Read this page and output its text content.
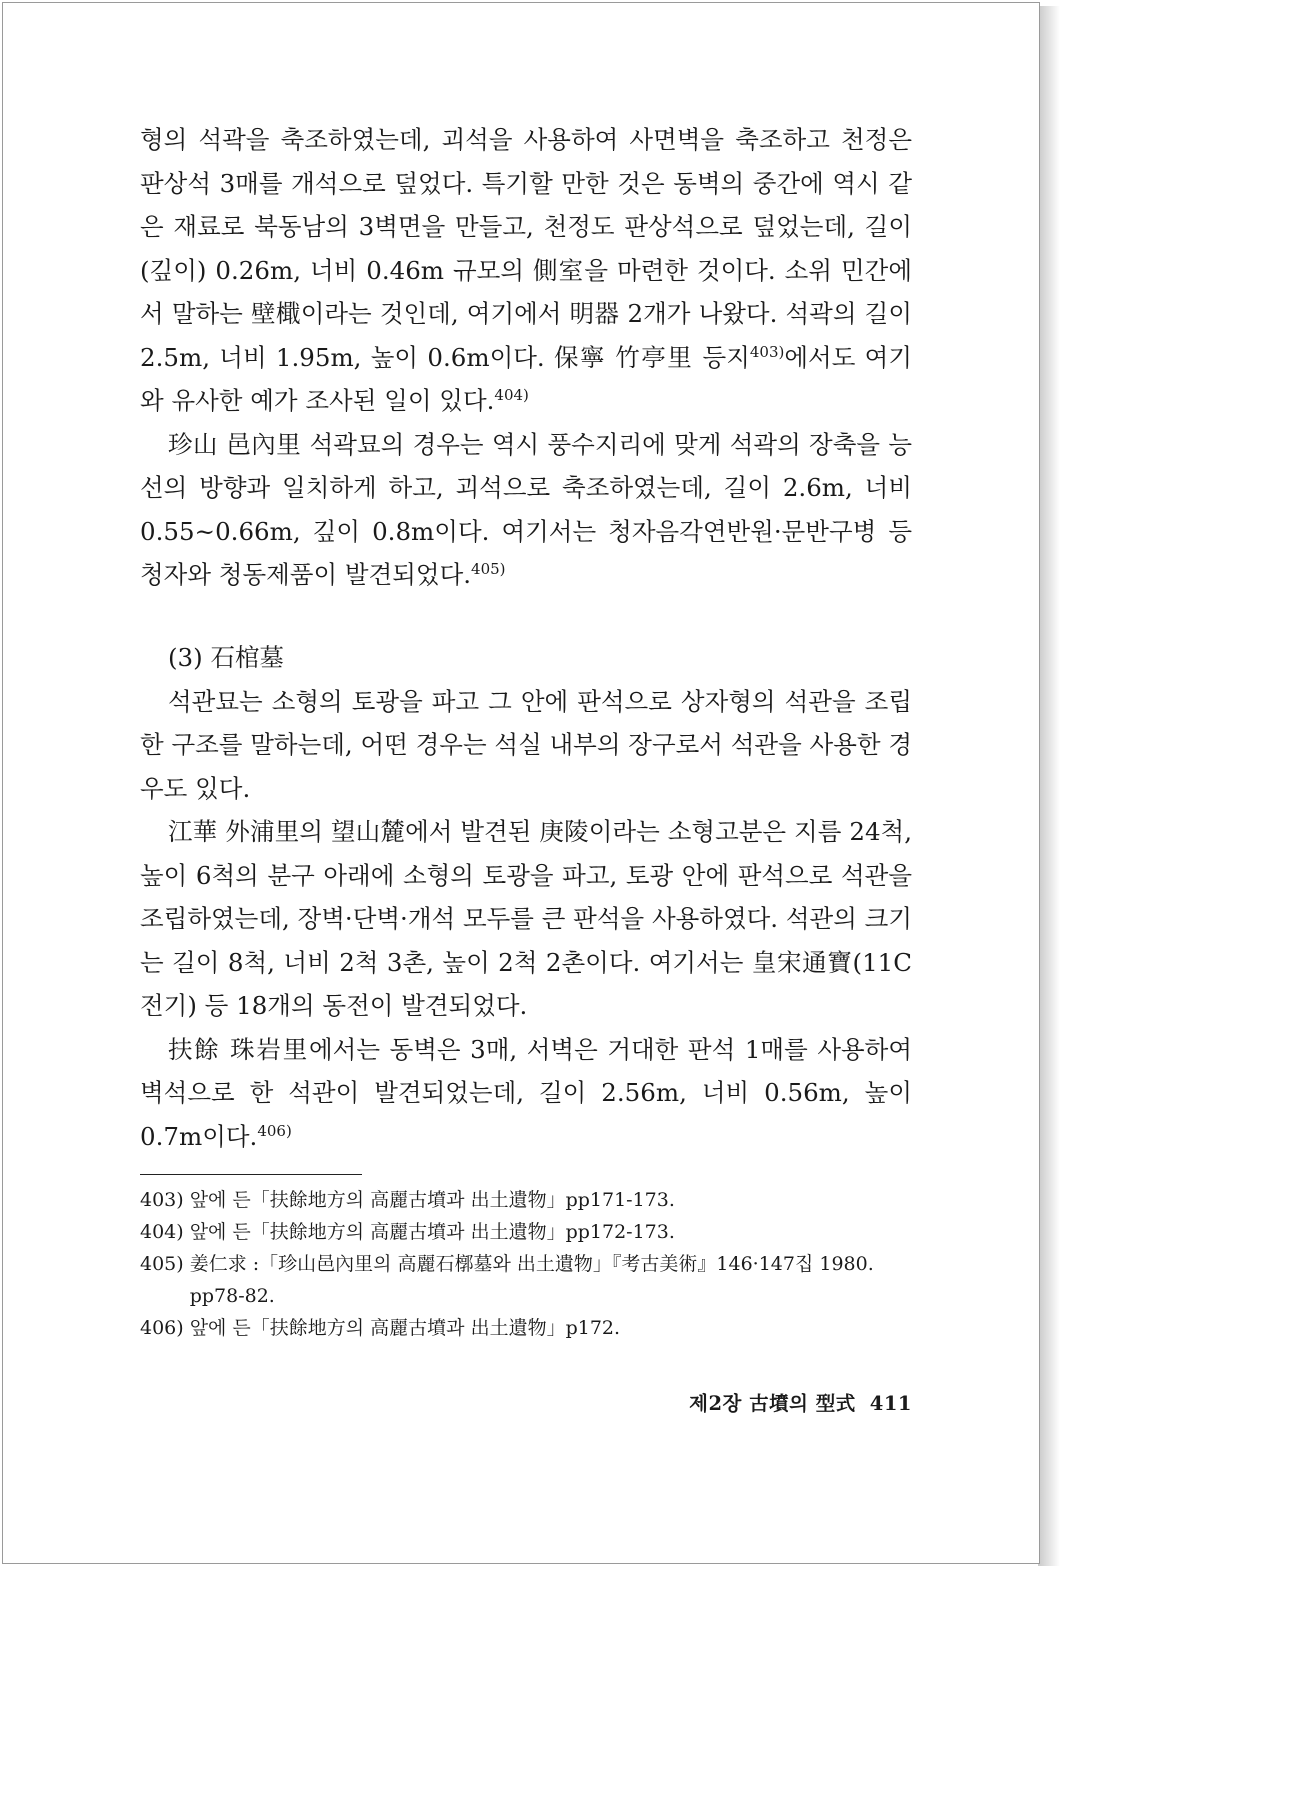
형의 석곽을 축조하였는데, 괴석을 사용하여 사면벽을 축조하고 천정은 판상석 3매를 개석으로 덮었다. 특기할 만한 것은 동벽의 중간에 역시 같은 재료로 북동남의 3벽면을 만들고, 천정도 판상석으로 덮었는데, 길이(깊이) 0.26m, 너비 0.46m 규모의 側室을 마련한 것이다. 소위 민간에서 말하는 壁檝이라는 것인데, 여기에서 明器 2개가 나왔다. 석곽의 길이 2.5m, 너비 1.95m, 높이 0.6m이다. 保寧 竹亭里 등지$^{403)}$에서도 여기와 유사한 예가 조사된 일이 있다.$^{404)}$

珍山 邑內里 석곽묘의 경우는 역시 풍수지리에 맞게 석곽의 장축을 능선의 방향과 일치하게 하고, 괴석으로 축조하였는데, 길이 2.6m, 너비 0.55~0.66m, 깊이 0.8m이다. 여기서는 청자음각연반원·문반구병 등 청자와 청동제품이 발견되었다.$^{405)}$

(3) 石棺墓

석관묘는 소형의 토광을 파고 그 안에 판석으로 상자형의 석관을 조립한 구조를 말하는데, 어떤 경우는 석실 내부의 장구로서 석관을 사용한 경우도 있다.

江華 外浦里의 望山麓에서 발견된 庚陵이라는 소형고분은 지름 24척, 높이 6척의 분구 아래에 소형의 토광을 파고, 토광 안에 판석으로 석관을 조립하였는데, 장벽·단벽·개석 모두를 큰 판석을 사용하였다. 석관의 크기는 길이 8척, 너비 2척 3촌, 높이 2척 2촌이다. 여기서는 皇宋通寶(11C 전기) 등 18개의 동전이 발견되었다.

扶餘 珠岩里에서는 동벽은 3매, 서벽은 거대한 판석 1매를 사용하여 벽석으로 한 석관이 발견되었는데, 길이 2.56m, 너비 0.56m, 높이 0.7m이다.$^{406)}$

403) 앞에 든「扶餘地方의 高麗古墳과 出土遺物」pp171-173.
404) 앞에 든「扶餘地方의 高麗古墳과 出土遺物」pp172-173.
405) 姜仁求 :「珍山邑內里의 高麗石槨墓와 出土遺物」『考古美術』146·147집 1980. pp78-82.
406) 앞에 든「扶餘地方의 高麗古墳과 出土遺物」p172.
제2장 古墳의 型式 411
